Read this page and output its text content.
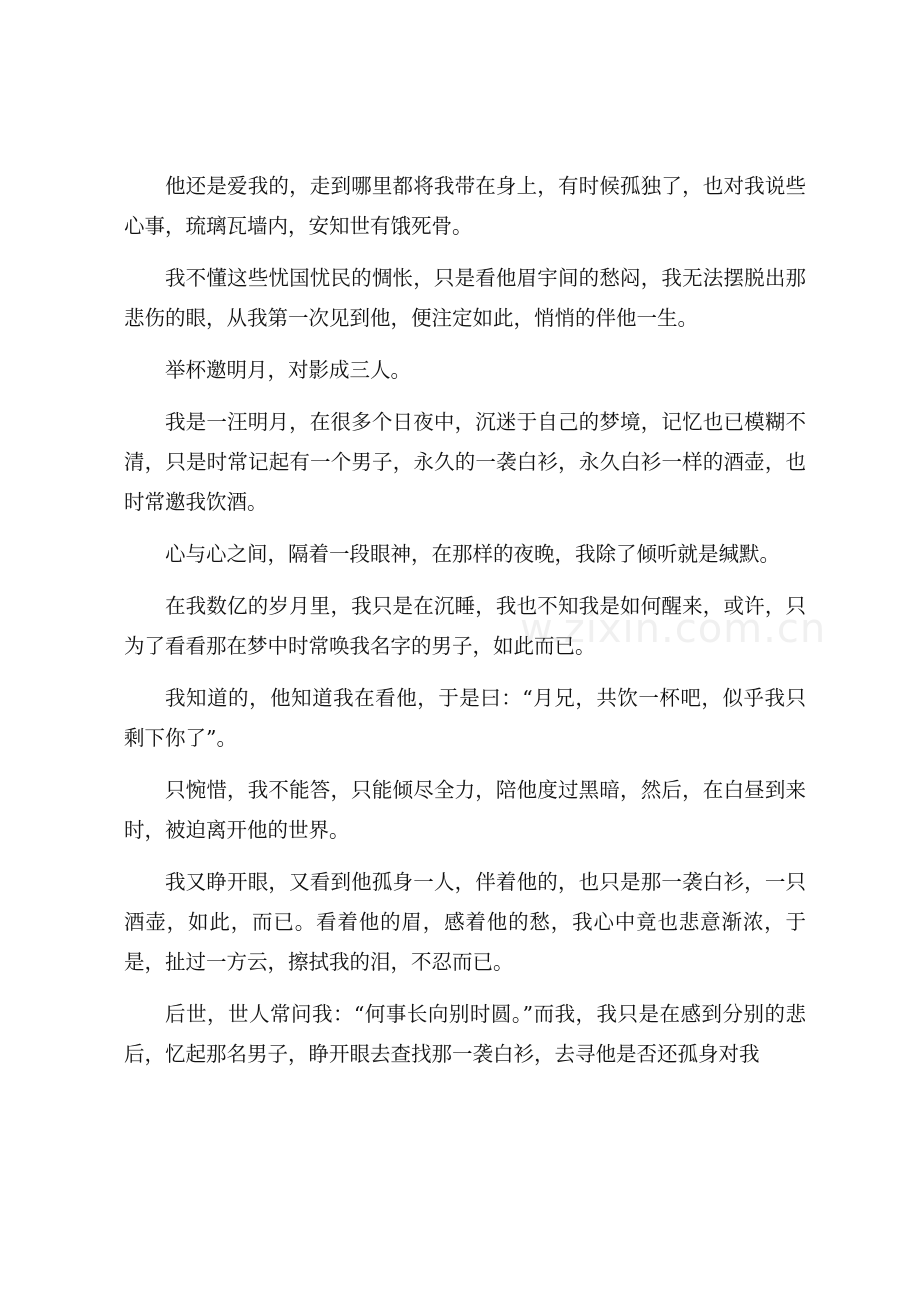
他还是爱我的，走到哪里都将我带在身上，有时候孤独了，也对我说些心事，琉璃瓦墙内，安知世有饿死骨。

我不懂这些忧国忧民的惆怅，只是看他眉宇间的愁闷，我无法摆脱出那悲伤的眼，从我第一次见到他，便注定如此，悄悄的伴他一生。

举杯邀明月，对影成三人。

我是一汪明月，在很多个日夜中，沉迷于自己的梦境，记忆也已模糊不清，只是时常记起有一个男子，永久的一袭白衫，永久白衫一样的酒壶，也时常邀我饮酒。

心与心之间，隔着一段眼神，在那样的夜晚，我除了倾听就是缄默。

在我数亿的岁月里，我只是在沉睡，我也不知我是如何醒来，或许，只为了看看那在梦中时常唤我名字的男子，如此而已。

我知道的，他知道我在看他，于是曰：“月兄，共饮一杯吧，似乎我只剩下你了”。

只惋惜，我不能答，只能倾尽全力，陪他度过黑暗，然后，在白昼到来时，被迫离开他的世界。

我又睁开眼，又看到他孤身一人，伴着他的，也只是那一袭白衫，一只酒壶，如此，而已。看着他的眉，感着他的愁，我心中竟也悲意渐浓，于是，扯过一方云，擦拭我的泪，不忍而已。

后世，世人常问我：“何事长向别时圆。”而我，我只是在感到分别的悲后，忆起那名男子，睁开眼去查找那一袭白衫，去寻他是否还孤身对我

w.zixin.com.cn
